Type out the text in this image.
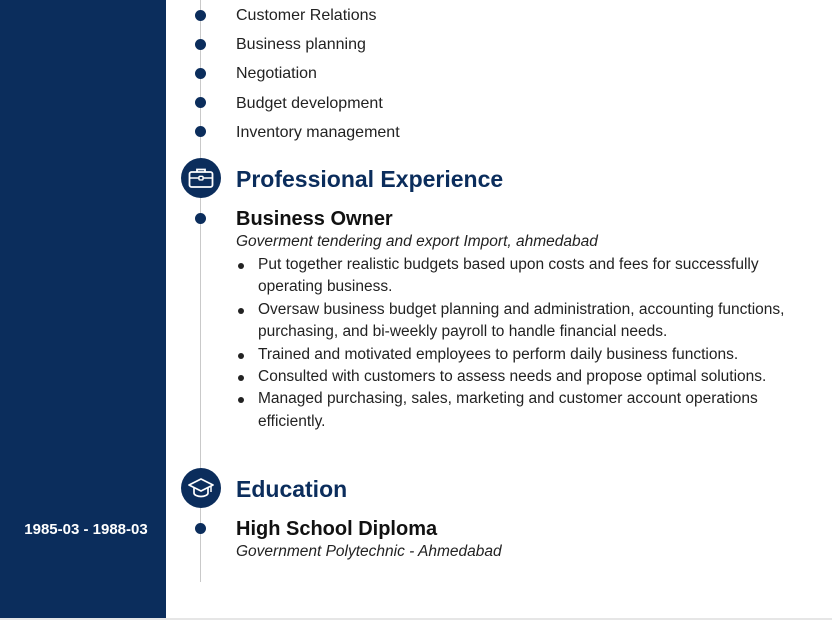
1985-03 - 1988-03
Customer Relations
Business planning
Negotiation
Budget development
Inventory management
Professional Experience
Business Owner
Goverment tendering and export Import, ahmedabad
Put together realistic budgets based upon costs and fees for successfully operating business.
Oversaw business budget planning and administration, accounting functions, purchasing, and bi-weekly payroll to handle financial needs.
Trained and motivated employees to perform daily business functions.
Consulted with customers to assess needs and propose optimal solutions.
Managed purchasing, sales, marketing and customer account operations efficiently.
Education
High School Diploma
Government Polytechnic - Ahmedabad
